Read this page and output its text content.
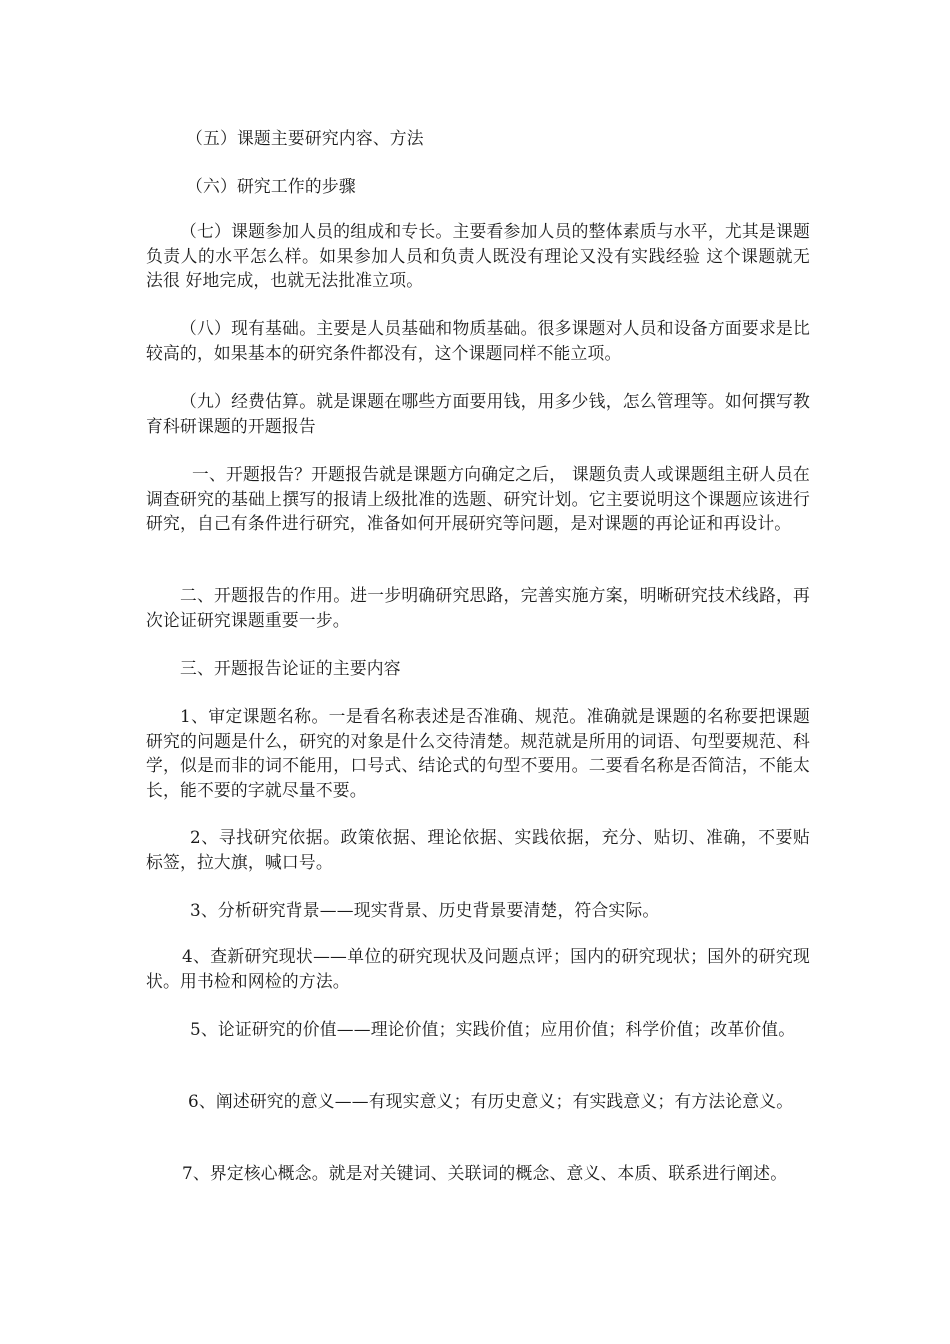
（五）课题主要研究内容、方法

（六）研究工作的步骤

（七）课题参加人员的组成和专长。主要看参加人员的整体素质与水平，尤其是课题负责人的水平怎么样。如果参加人员和负责人既没有理论又没有实践经验 这个课题就无法很 好地完成，也就无法批准立项。

（八）现有基础。主要是人员基础和物质基础。很多课题对人员和设备方面要求是比较高的，如果基本的研究条件都没有，这个课题同样不能立项。

（九）经费估算。就是课题在哪些方面要用钱，用多少钱，怎么管理等。如何撰写教育科研课题的开题报告

一、开题报告？开题报告就是课题方向确定之后， 课题负责人或课题组主研人员在调查研究的基础上撰写的报请上级批准的选题、研究计划。它主要说明这个课题应该进行研究，自己有条件进行研究，准备如何开展研究等问题，是对课题的再论证和再设计。

二、开题报告的作用。进一步明确研究思路，完善实施方案，明晰研究技术线路，再次论证研究课题重要一步。

三、开题报告论证的主要内容

1、审定课题名称。一是看名称表述是否准确、规范。准确就是课题的名称要把课题研究的问题是什么，研究的对象是什么交待清楚。规范就是所用的词语、句型要规范、科学，似是而非的词不能用，口号式、结论式的句型不要用。二要看名称是否简洁，不能太长，能不要的字就尽量不要。

2、寻找研究依据。政策依据、理论依据、实践依据，充分、贴切、准确，不要贴标签，拉大旗，喊口号。

3、分析研究背景——现实背景、历史背景要清楚，符合实际。

4、查新研究现状——单位的研究现状及问题点评；国内的研究现状；国外的研究现状。用书检和网检的方法。

5、论证研究的价值——理论价值；实践价值；应用价值；科学价值；改革价值。

6、阐述研究的意义——有现实意义；有历史意义；有实践意义；有方法论意义。

7、界定核心概念。就是对关键词、关联词的概念、意义、本质、联系进行阐述。
